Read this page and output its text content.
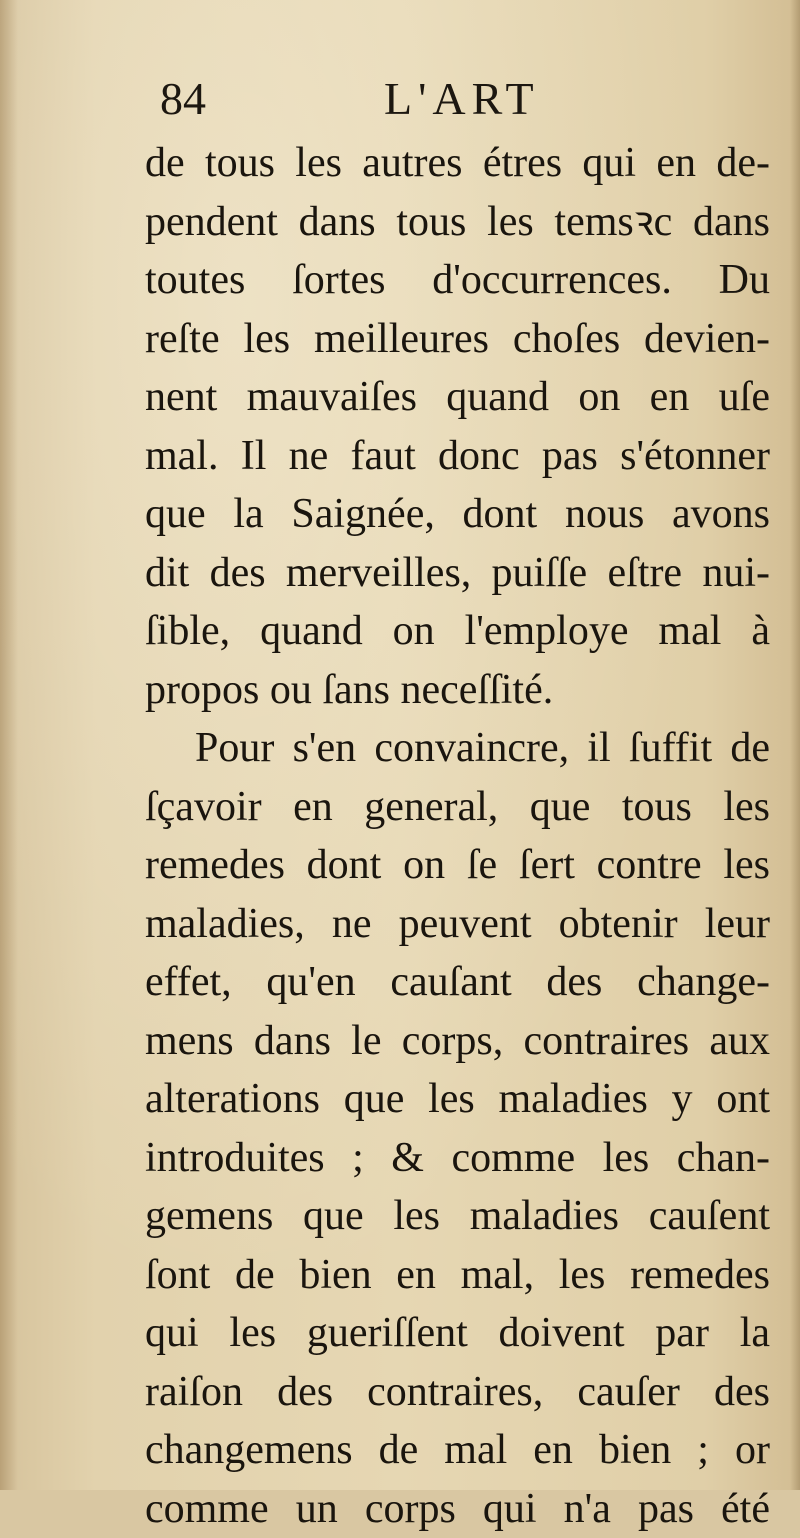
84	L'ART
de tous les autres étres qui en de-
pendent dans tous les temsꝛc dans
toutes ſortes d'occurrences. Du
reſte les meilleures choſes devien-
nent mauvaiſes quand on en uſe
mal. Il ne faut donc pas s'étonner
que la Saignée, dont nous avons
dit des merveilles, puiſſe eſtre nui-
ſible, quand on l'employe mal à
propos ou ſans neceſſité.
Pour s'en convaincre, il ſuffit de
ſçavoir en general, que tous les
remedes dont on ſe ſert contre les
maladies, ne peuvent obtenir leur
effet, qu'en cauſant des change-
mens dans le corps, contraires aux
alterations que les maladies y ont
introduites ; & comme les chan-
gemens que les maladies cauſent
ſont de bien en mal, les remedes
qui les gueriſſent doivent par la
raiſon des contraires, cauſer des
changemens de mal en bien ; or
comme un corps qui n'a pas été
